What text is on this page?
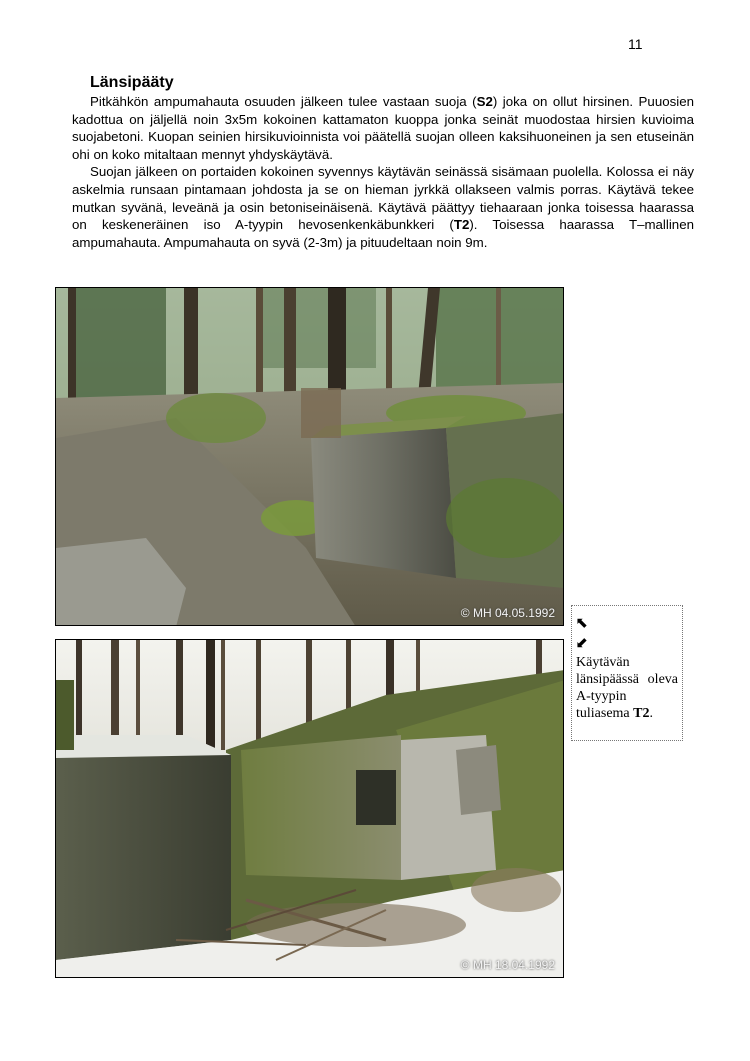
11
Länsipääty

Pitkähkön ampumahauta osuuden jälkeen tulee vastaan suoja (S2) joka on ollut hirsinen. Puuosien kadottua on jäljellä noin 3x5m kokoinen kattamaton kuoppa jonka seinät muodostaa hirsien kuvioima suojabetoni. Kuopan seinien hirsikuvioinnista voi päätellä suojan olleen kaksihuoneinen ja sen etuseinän ohi on koko mitaltaan mennyt yhdyskäytävä.

Suojan jälkeen on portaiden kokoinen syvennys käytävän seinässä sisämaan puolella. Kolossa ei näy askelmia runsaan pintamaan johdosta ja se on hieman jyrkkä ollakseen valmis porras. Käytävä tekee mutkan syvänä, leveänä ja osin betoniseinäisenä. Käytävä päättyy tiehaaraan jonka toisessa haarassa on keskeneräinen iso A-tyypin hevosenkenkäbunkkeri (T2). Toisessa haarassa T–mallinen ampumahauta. Ampumahauta on syvä (2-3m) ja pituudeltaan noin 9m.

© MH 04.05.1992
© MH 18.04.1992
⬆
⬆
Käytävän länsipäässä oleva A-tyypin tuliasema T2.
